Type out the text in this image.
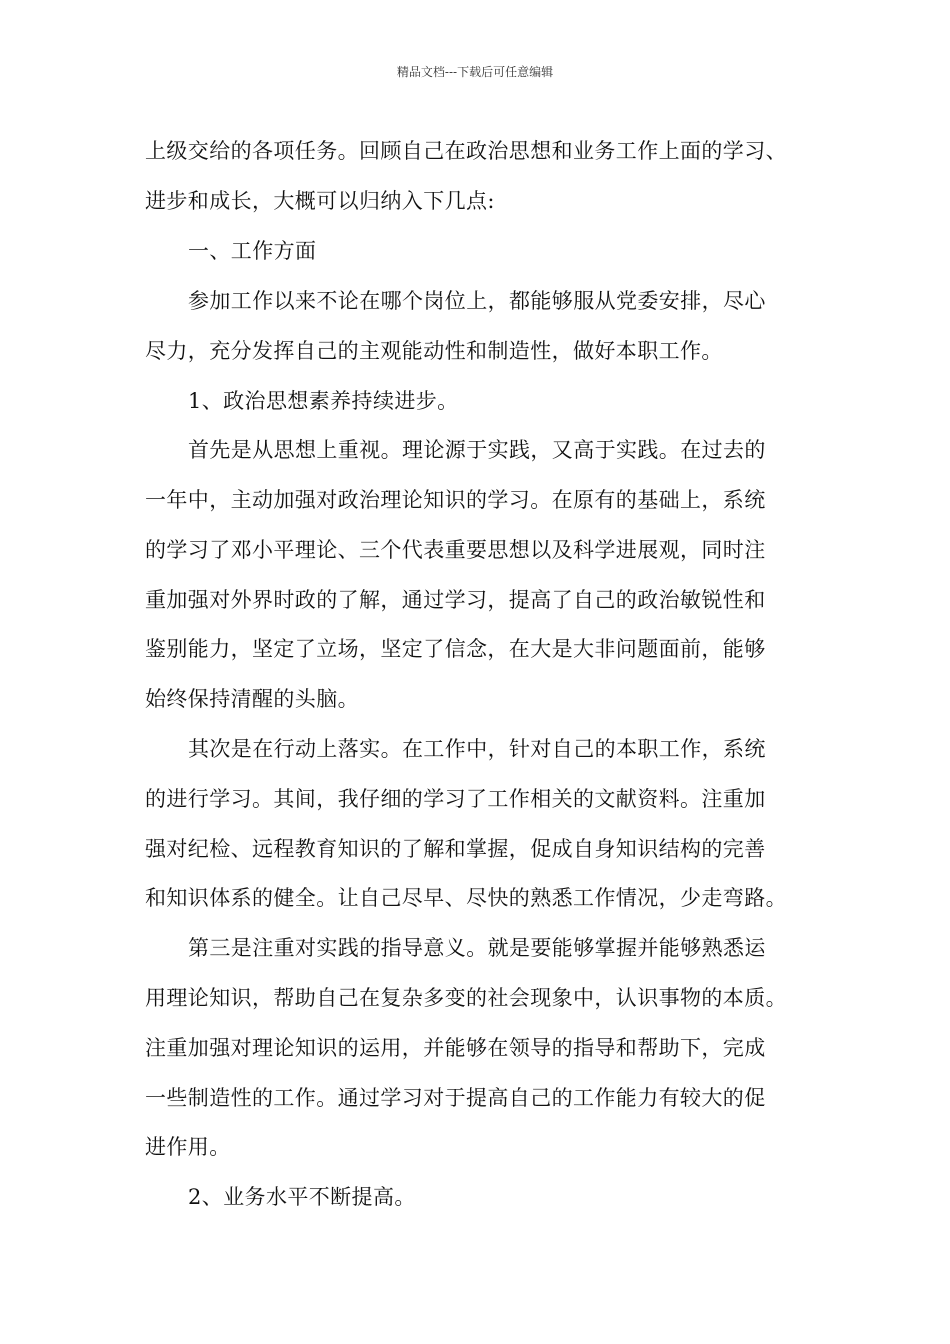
精品文档---下载后可任意编辑
上级交给的各项任务。回顾自己在政治思想和业务工作上面的学习、
进步和成长，大概可以归纳入下几点:
一、工作方面
参加工作以来不论在哪个岗位上，都能够服从党委安排，尽心
尽力，充分发挥自己的主观能动性和制造性，做好本职工作。
1、政治思想素养持续进步。
首先是从思想上重视。理论源于实践，又高于实践。在过去的
一年中，主动加强对政治理论知识的学习。在原有的基础上，系统
的学习了邓小平理论、三个代表重要思想以及科学进展观，同时注
重加强对外界时政的了解，通过学习，提高了自己的政治敏锐性和
鉴别能力，坚定了立场，坚定了信念，在大是大非问题面前，能够
始终保持清醒的头脑。
其次是在行动上落实。在工作中，针对自己的本职工作，系统
的进行学习。其间，我仔细的学习了工作相关的文献资料。注重加
强对纪检、远程教育知识的了解和掌握，促成自身知识结构的完善
和知识体系的健全。让自己尽早、尽快的熟悉工作情况，少走弯路。
第三是注重对实践的指导意义。就是要能够掌握并能够熟悉运
用理论知识，帮助自己在复杂多变的社会现象中，认识事物的本质。
注重加强对理论知识的运用，并能够在领导的指导和帮助下，完成
一些制造性的工作。通过学习对于提高自己的工作能力有较大的促
进作用。
2、业务水平不断提高。
